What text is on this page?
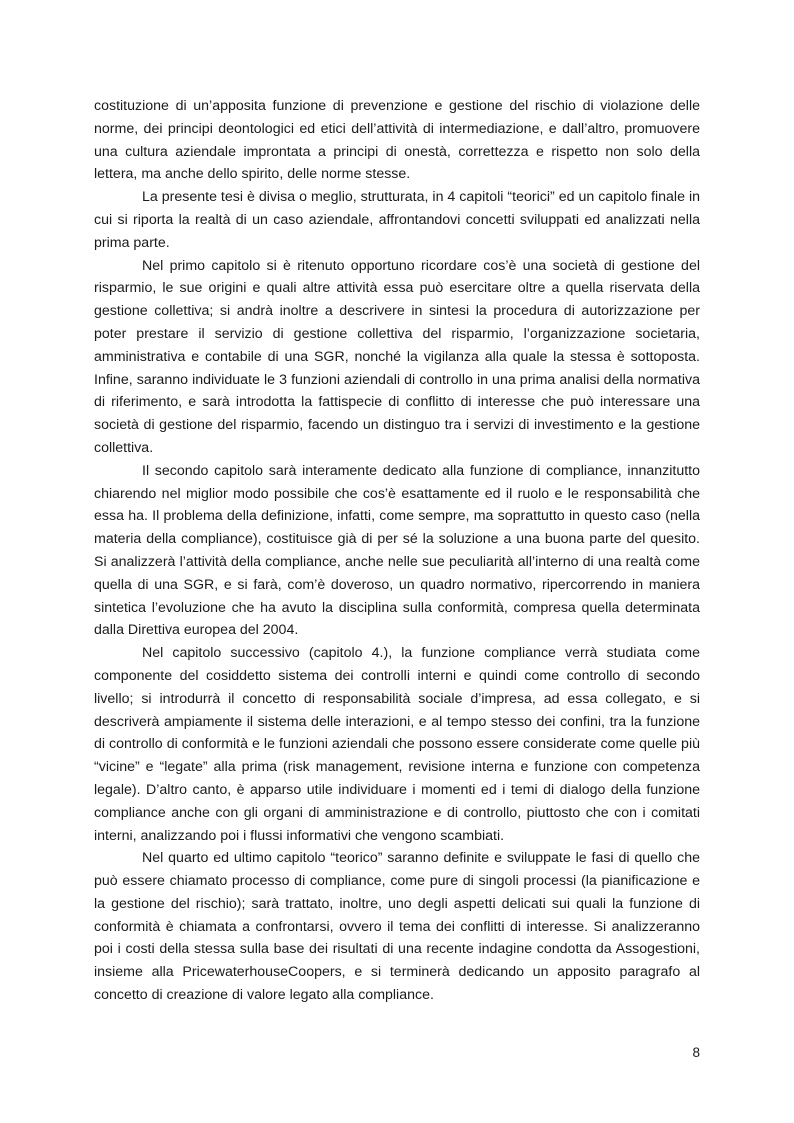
costituzione di un’apposita funzione di prevenzione e gestione del rischio di violazione delle norme, dei principi deontologici ed etici dell’attività di intermediazione, e dall’altro, promuovere una cultura aziendale improntata a principi di onestà, correttezza e rispetto non solo della lettera, ma anche dello spirito, delle norme stesse.

La presente tesi è divisa o meglio, strutturata, in 4 capitoli “teorici” ed un capitolo finale in cui si riporta la realtà di un caso aziendale, affrontandovi concetti sviluppati ed analizzati nella prima parte.

Nel primo capitolo si è ritenuto opportuno ricordare cos’è una società di gestione del risparmio, le sue origini e quali altre attività essa può esercitare oltre a quella riservata della gestione collettiva; si andrà inoltre a descrivere in sintesi la procedura di autorizzazione per poter prestare il servizio di gestione collettiva del risparmio, l’organizzazione societaria, amministrativa e contabile di una SGR, nonché la vigilanza alla quale la stessa è sottoposta. Infine, saranno individuate le 3 funzioni aziendali di controllo in una prima analisi della normativa di riferimento, e sarà introdotta la fattispecie di conflitto di interesse che può interessare una società di gestione del risparmio, facendo un distinguo tra i servizi di investimento e la gestione collettiva.

Il secondo capitolo sarà interamente dedicato alla funzione di compliance, innanzitutto chiarendo nel miglior modo possibile che cos’è esattamente ed il ruolo e le responsabilità che essa ha. Il problema della definizione, infatti, come sempre, ma soprattutto in questo caso (nella materia della compliance), costituisce già di per sé la soluzione a una buona parte del quesito. Si analizzerà l’attività della compliance, anche nelle sue peculiarità all’interno di una realtà come quella di una SGR, e si farà, com’è doveroso, un quadro normativo, ripercorrendo in maniera sintetica l’evoluzione che ha avuto la disciplina sulla conformità, compresa quella determinata dalla Direttiva europea del 2004.

Nel capitolo successivo (capitolo 4.), la funzione compliance verrà studiata come componente del cosiddetto sistema dei controlli interni e quindi come controllo di secondo livello; si introdurrà il concetto di responsabilità sociale d’impresa, ad essa collegato, e si descriverà ampiamente il sistema delle interazioni, e al tempo stesso dei confini, tra la funzione di controllo di conformità e le funzioni aziendali che possono essere considerate come quelle più “vicine” e “legate” alla prima (risk management, revisione interna e funzione con competenza legale). D’altro canto, è apparso utile individuare i momenti ed i temi di dialogo della funzione compliance anche con gli organi di amministrazione e di controllo, piuttosto che con i comitati interni, analizzando poi i flussi informativi che vengono scambiati.

Nel quarto ed ultimo capitolo “teorico” saranno definite e sviluppate le fasi di quello che può essere chiamato processo di compliance, come pure di singoli processi (la pianificazione e la gestione del rischio); sarà trattato, inoltre, uno degli aspetti delicati sui quali la funzione di conformità è chiamata a confrontarsi, ovvero il tema dei conflitti di interesse. Si analizzeranno poi i costi della stessa sulla base dei risultati di una recente indagine condotta da Assogestioni, insieme alla PricewaterhouseCoopers, e si terminerà dedicando un apposito paragrafo al concetto di creazione di valore legato alla compliance.

8
